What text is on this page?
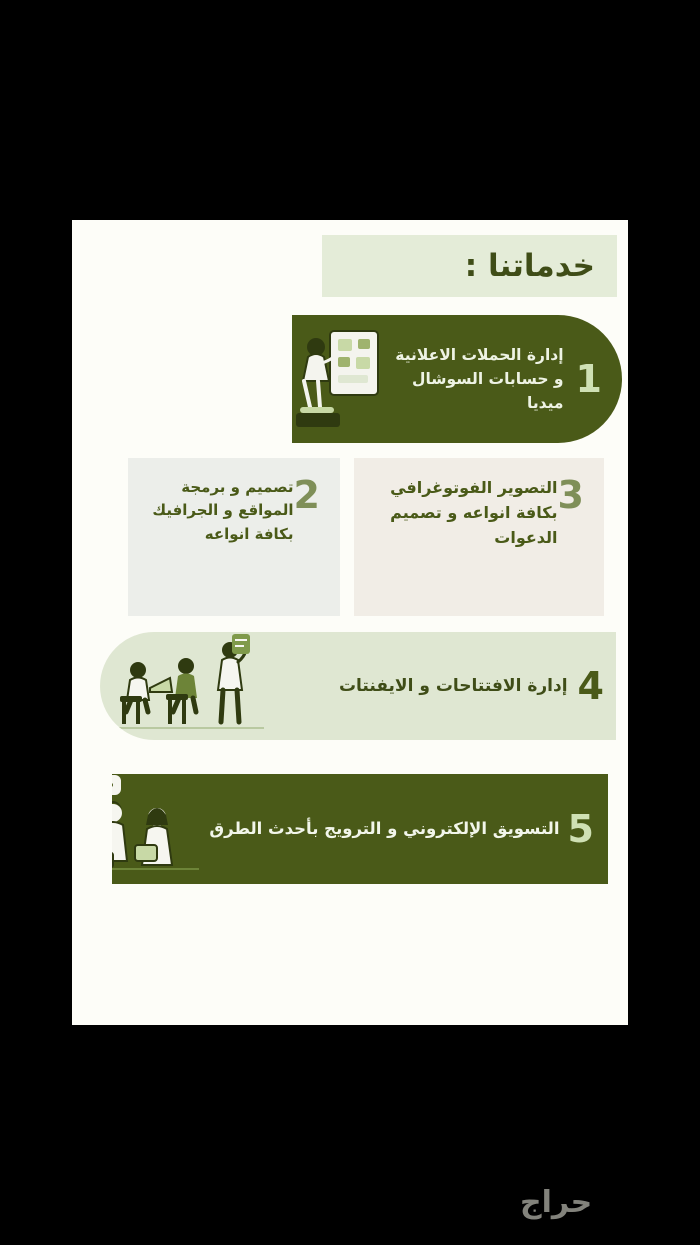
خدماتنا :
1
إدارة الحملات الاعلانية و حسابات السوشال ميديا
2
تصميم و برمجة المواقع و الجرافيك بكافة انواعه
3
التصوير الفوتوغرافي بكافة انواعه و تصميم الدعوات
4
إدارة الافتتاحات و الايفنتات
5
التسويق الإلكتروني و الترويج بأحدث الطرق
حراج
